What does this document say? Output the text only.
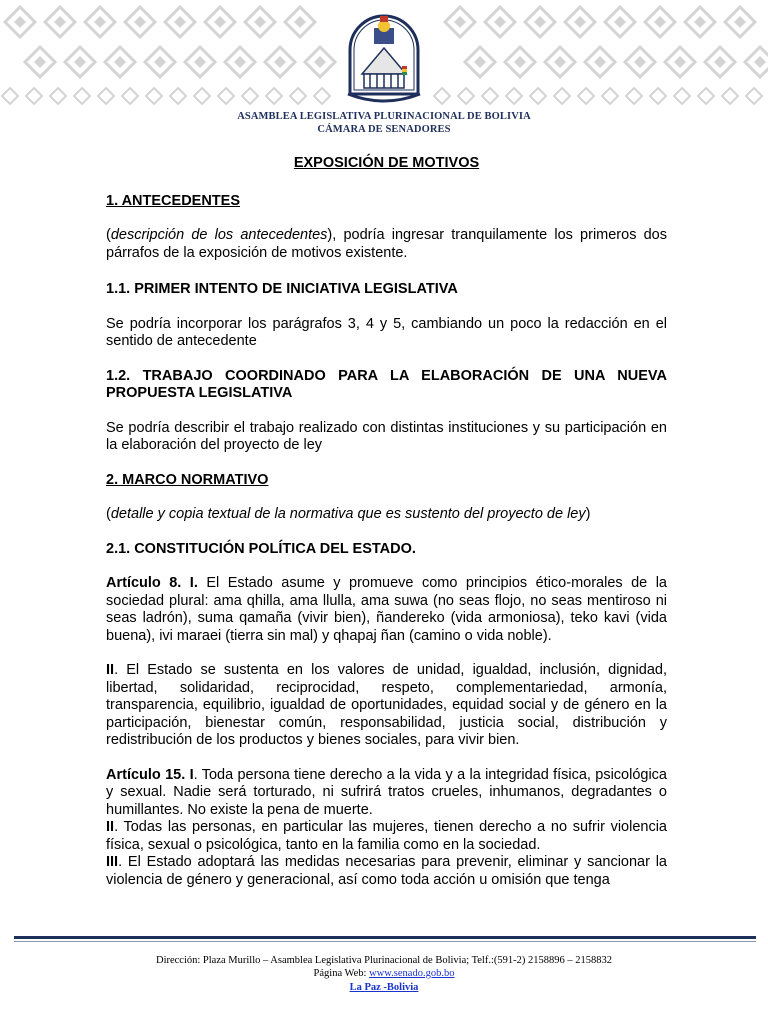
ASAMBLEA LEGISLATIVA PLURINACIONAL DE BOLIVIA
CÁMARA DE SENADORES
EXPOSICIÓN DE MOTIVOS
1. ANTECEDENTES

(descripción de los antecedentes), podría ingresar tranquilamente los primeros dos párrafos de la exposición de motivos existente.

1.1. PRIMER INTENTO DE INICIATIVA LEGISLATIVA

Se podría incorporar los parágrafos 3, 4 y 5, cambiando un poco la redacción en el sentido de antecedente

1.2. TRABAJO COORDINADO PARA LA ELABORACIÓN DE UNA NUEVA PROPUESTA LEGISLATIVA

Se podría describir el trabajo realizado con distintas instituciones y su participación en la elaboración del proyecto de ley

2. MARCO NORMATIVO

(detalle y copia textual de la normativa que es sustento del proyecto de ley)

2.1. CONSTITUCIÓN POLÍTICA DEL ESTADO.

Artículo 8. I. El Estado asume y promueve como principios ético-morales de la sociedad plural: ama qhilla, ama llulla, ama suwa (no seas flojo, no seas mentiroso ni seas ladrón), suma qamaña (vivir bien), ñandereko (vida armoniosa), teko kavi (vida buena), ivi maraei (tierra sin mal) y qhapaj ñan (camino o vida noble).

II. El Estado se sustenta en los valores de unidad, igualdad, inclusión, dignidad, libertad, solidaridad, reciprocidad, respeto, complementariedad, armonía, transparencia, equilibrio, igualdad de oportunidades, equidad social y de género en la participación, bienestar común, responsabilidad, justicia social, distribución y redistribución de los productos y bienes sociales, para vivir bien.

Artículo 15. I. Toda persona tiene derecho a la vida y a la integridad física, psicológica y sexual. Nadie será torturado, ni sufrirá tratos crueles, inhumanos, degradantes o humillantes. No existe la pena de muerte.

II. Todas las personas, en particular las mujeres, tienen derecho a no sufrir violencia física, sexual o psicológica, tanto en la familia como en la sociedad.

III. El Estado adoptará las medidas necesarias para prevenir, eliminar y sancionar la violencia de género y generacional, así como toda acción u omisión que tenga

Dirección: Plaza Murillo – Asamblea Legislativa Plurinacional de Bolivia; Telf.:(591-2) 2158896 – 2158832
Página Web: www.senado.gob.bo
La Paz -Bolivia
